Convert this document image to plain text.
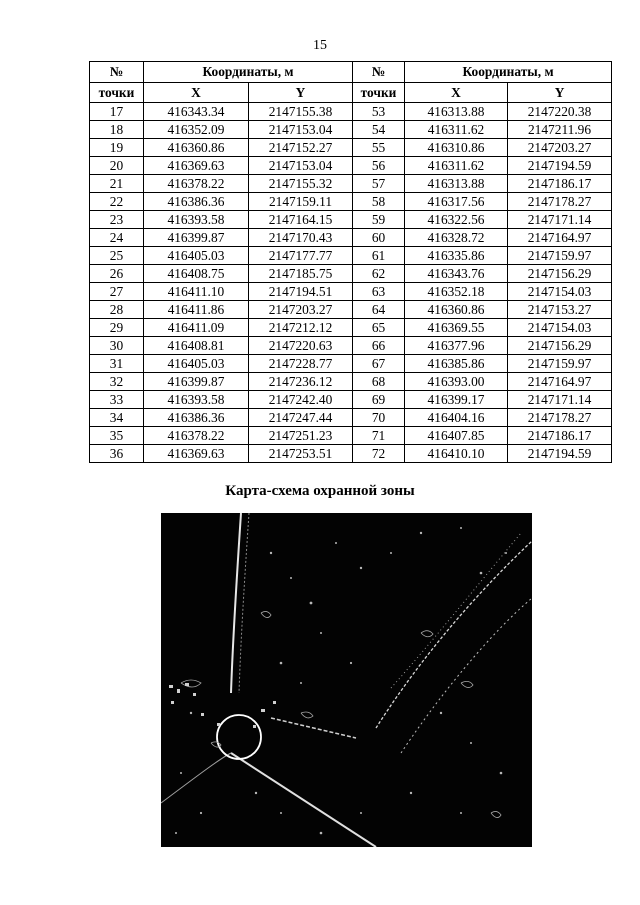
15
№	Координаты, м		№	Координаты, м	
точки	X	Y	точки	X	Y
17	416343.34	2147155.38	53	416313.88	2147220.38
18	416352.09	2147153.04	54	416311.62	2147211.96
19	416360.86	2147152.27	55	416310.86	2147203.27
20	416369.63	2147153.04	56	416311.62	2147194.59
21	416378.22	2147155.32	57	416313.88	2147186.17
22	416386.36	2147159.11	58	416317.56	2147178.27
23	416393.58	2147164.15	59	416322.56	2147171.14
24	416399.87	2147170.43	60	416328.72	2147164.97
25	416405.03	2147177.77	61	416335.86	2147159.97
26	416408.75	2147185.75	62	416343.76	2147156.29
27	416411.10	2147194.51	63	416352.18	2147154.03
28	416411.86	2147203.27	64	416360.86	2147153.27
29	416411.09	2147212.12	65	416369.55	2147154.03
30	416408.81	2147220.63	66	416377.96	2147156.29
31	416405.03	2147228.77	67	416385.86	2147159.97
32	416399.87	2147236.12	68	416393.00	2147164.97
33	416393.58	2147242.40	69	416399.17	2147171.14
34	416386.36	2147247.44	70	416404.16	2147178.27
35	416378.22	2147251.23	71	416407.85	2147186.17
36	416369.63	2147253.51	72	416410.10	2147194.59
Карта-схема охранной зоны
